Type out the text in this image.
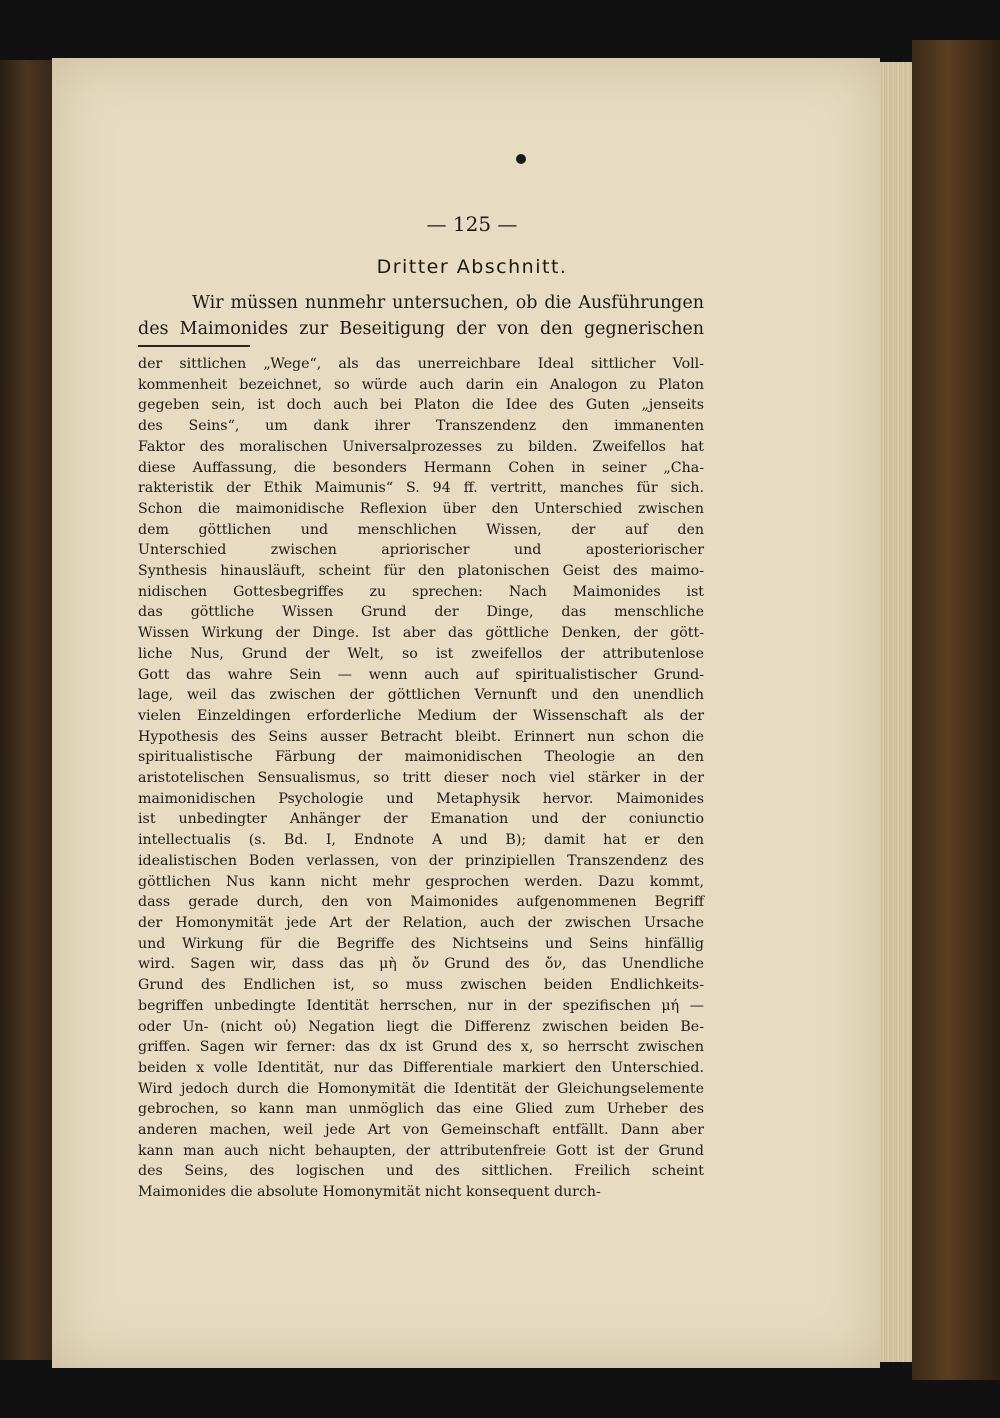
— 125 —
Dritter Abschnitt.
Wir müssen nunmehr untersuchen, ob die Ausführungen
des Maimonides zur Beseitigung der von den gegnerischen
der sittlichen „Wege“, als das unerreichbare Ideal sittlicher Voll-
kommenheit bezeichnet, so würde auch darin ein Analogon zu Platon
gegeben sein, ist doch auch bei Platon die Idee des Guten „jenseits
des Seins“, um dank ihrer Transzendenz den immanenten
Faktor des moralischen Universalprozesses zu bilden. Zweifellos hat
diese Auffassung, die besonders Hermann Cohen in seiner „Cha-
rakteristik der Ethik Maimunis“ S. 94 ff. vertritt, manches für sich.
Schon die maimonidische Reflexion über den Unterschied zwischen
dem göttlichen und menschlichen Wissen, der auf den
Unterschied zwischen apriorischer und aposteriorischer
Synthesis hinausläuft, scheint für den platonischen Geist des maimo-
nidischen Gottesbegriffes zu sprechen: Nach Maimonides ist
das göttliche Wissen Grund der Dinge, das menschliche
Wissen Wirkung der Dinge. Ist aber das göttliche Denken, der gött-
liche Nus, Grund der Welt, so ist zweifellos der attributenlose
Gott das wahre Sein — wenn auch auf spiritualistischer Grund-
lage, weil das zwischen der göttlichen Vernunft und den unendlich
vielen Einzeldingen erforderliche Medium der Wissenschaft als der
Hypothesis des Seins ausser Betracht bleibt. Erinnert nun schon die
spiritualistische Färbung der maimonidischen Theologie an den
aristotelischen Sensualismus, so tritt dieser noch viel stärker in der
maimonidischen Psychologie und Metaphysik hervor. Maimonides
ist unbedingter Anhänger der Emanation und der coniunctio
intellectualis (s. Bd. I, Endnote A und B); damit hat er den
idealistischen Boden verlassen, von der prinzipiellen Transzendenz des
göttlichen Nus kann nicht mehr gesprochen werden. Dazu kommt,
dass gerade durch, den von Maimonides aufgenommenen Begriff
der Homonymität jede Art der Relation, auch der zwischen Ursache
und Wirkung für die Begriffe des Nichtseins und Seins hinfällig
wird. Sagen wir, dass das μὴ ὄν Grund des ὄν, das Unendliche
Grund des Endlichen ist, so muss zwischen beiden Endlichkeits-
begriffen unbedingte Identität herrschen, nur in der spezifischen μή —
oder Un- (nicht οὐ) Negation liegt die Differenz zwischen beiden Be-
griffen. Sagen wir ferner: das dx ist Grund des x, so herrscht zwischen
beiden x volle Identität, nur das Differentiale markiert den Unterschied.
Wird jedoch durch die Homonymität die Identität der Gleichungselemente
gebrochen, so kann man unmöglich das eine Glied zum Urheber des
anderen machen, weil jede Art von Gemeinschaft entfällt. Dann aber
kann man auch nicht behaupten, der attributenfreie Gott ist der Grund
des Seins, des logischen und des sittlichen. Freilich scheint
Maimonides die absolute Homonymität nicht konsequent durch-
